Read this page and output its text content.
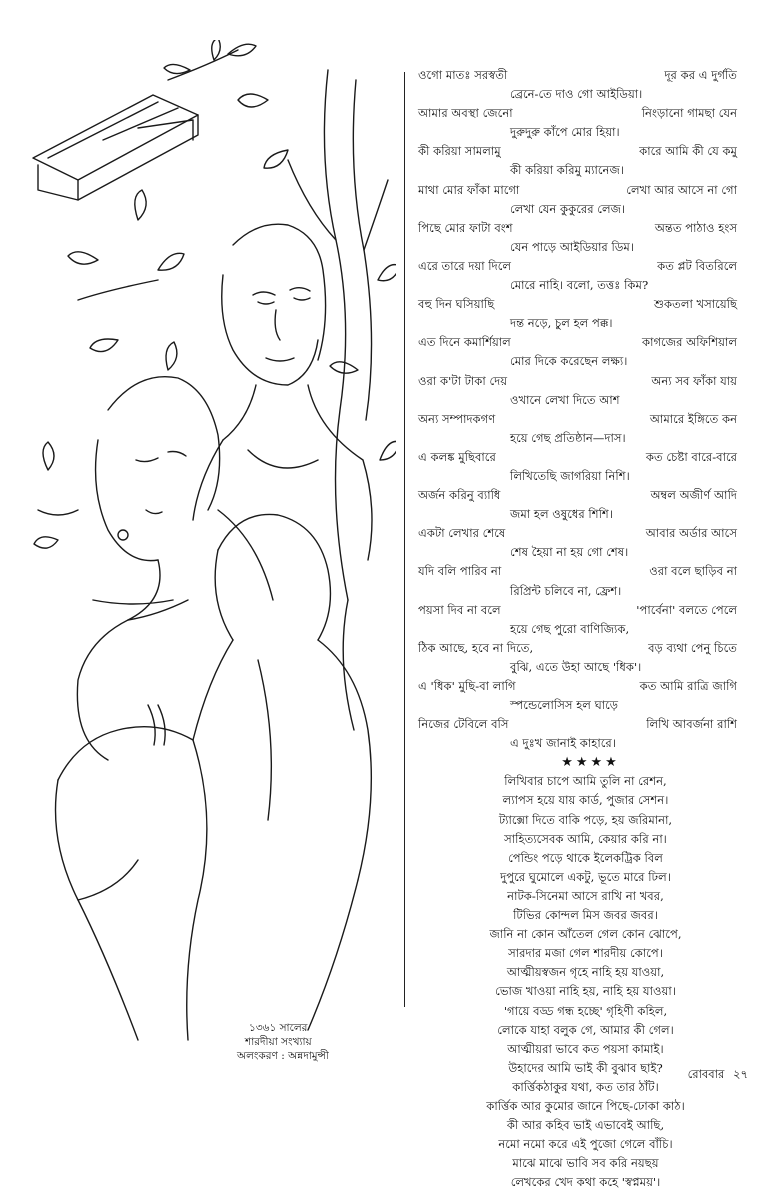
১৩৬১ সালের
শারদীয়া সংখ্যায়
অলংকরণ : অন্নদামুন্সী
ওগো মাতঃ সরস্বতী	দূর কর এ দুর্গতি
ব্রেনে-তে দাও গো আইডিয়া।
আমার অবস্থা জেনো	নিংড়ানো গামছা যেন
দুরুদুরু কাঁপে মোর হিয়া।
কী করিয়া সামলামু	কারে আমি কী যে কমু
কী করিয়া করিমু ম্যানেজ।
মাথা মোর ফাঁকা মাগো	লেখা আর আসে না গো
লেখা যেন কুকুরের লেজ।
পিছে মোর ফাটা বংশ	অন্তত পাঠাও হংস
যেন পাড়ে আইডিয়ার ডিম।
এরে তারে দয়া দিলে	কত প্লট বিতরিলে
মোরে নাহি। বলো, তত্তঃ কিম?
বহু দিন ঘসিয়াছি	শুকতলা খসায়েছি
দন্ত নড়ে, চুল হল পক্ক।
এত দিনে কমার্শিয়াল	কাগজের অফিশিয়াল
মোর দিকে করেছেন লক্ষ্য।
ওরা ক'টা টাকা দেয়	অন্য সব ফাঁকা যায়
ওখানে লেখা দিতে আশ
অন্য সম্পাদকগণ	আমারে ইঙ্গিতে কন
হয়ে গেছ প্রতিষ্ঠান—দাস।
এ কলঙ্ক মুছিবারে	কত চেষ্টা বারে-বারে
লিখিতেছি জাগরিয়া নিশি।
অর্জন করিনু ব্যাধি	অম্বল অজীর্ণ আদি
জমা হল ওষুধের শিশি।
একটা লেখার শেষে	আবার অর্ডার আসে
শেষ হৈয়া না হয় গো শেষ।
যদি বলি পারিব না	ওরা বলে ছাড়িব না
রিপ্রিন্ট চলিবে না, ফ্রেশ।
পয়সা দিব না বলে	'পার্বেনা' বলতে পেলে
হয়ে গেছ পুরো বাণিজ্যিক,
ঠিক আছে, হবে না দিতে,	বড় ব্যথা পেনু চিতে
বুঝি, এতে উহা আছে 'ধিক'।
এ 'ধিক' মুছি-বা লাগি	কত আমি রাত্রি জাগি
স্পন্ডেলোসিস হল ঘাড়ে
নিজের টেবিলে বসি	লিখি আবর্জনা রাশি
এ দুঃখ জানাই কাহারে।
★★★★
লিখিবার চাপে আমি তুলি না রেশন,
ল্যাপস হয়ে যায় কার্ড, পুজার সেশন।
ট্যাক্সো দিতে বাকি পড়ে, হয় জরিমানা,
সাহিত্যসেবক আমি, কেয়ার করি না।
পেন্ডিং পড়ে থাকে ইলেকট্রিক বিল
দুপুরে ঘুমোলে একটু, ভূতে মারে ঢিল।
নাটক-সিনেমা আসে রাখি না খবর,
টিভির কোন্দল মিস জবর জবর।
জানি না কোন আঁতেল গেল কোন ঝোপে,
সারদার মজা গেল শারদীয় কোপে।
আত্মীয়স্বজন গৃহে নাহি হয় যাওয়া,
ভোজ খাওয়া নাহি হয়, নাহি হয় যাওয়া।
'গায়ে বড্ড গন্ধ হচ্ছে' গৃহিণী কহিল,
লোকে যাহা বলুক গে, আমার কী গেল।
আত্মীয়রা ভাবে কত পয়সা কামাই।
উহাদের আমি ভাই কী বুঝাব ছাই?
কার্ত্তিকঠাকুর যথা, কত তার ঠাঁট।
কার্ত্তিক আর কুমোর জানে পিছে-ঢোকা কাঠ।
কী আর কহিব ভাই এভাবেই আছি,
নমো নমো করে এই পুজো গেলে বাঁচি।
মাঝে মাঝে ভাবি সব করি নয়ছয়
লেখকের খেদ কথা কহে 'স্বপ্নময়'।
রোববার ২৭
